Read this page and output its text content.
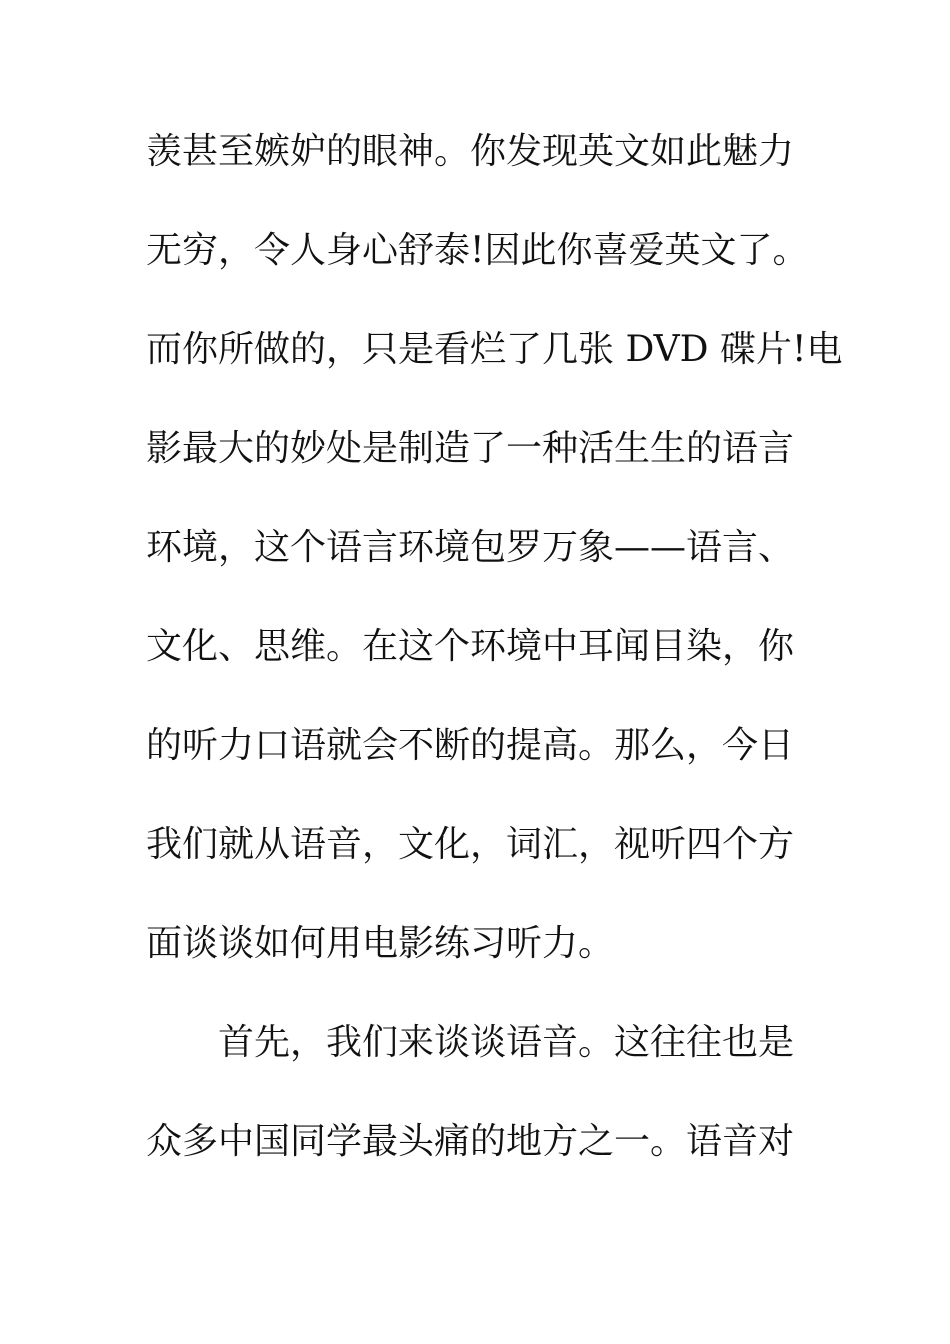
羡甚至嫉妒的眼神。你发现英文如此魅力
无穷，令人身心舒泰!因此你喜爱英文了。
而你所做的，只是看烂了几张 DVD 碟片!电
影最大的妙处是制造了一种活生生的语言
环境，这个语言环境包罗万象——语言、
文化、思维。在这个环境中耳闻目染，你
的听力口语就会不断的提高。那么，今日
我们就从语音，文化，词汇，视听四个方
面谈谈如何用电影练习听力。
首先，我们来谈谈语音。这往往也是
众多中国同学最头痛的地方之一。语音对
